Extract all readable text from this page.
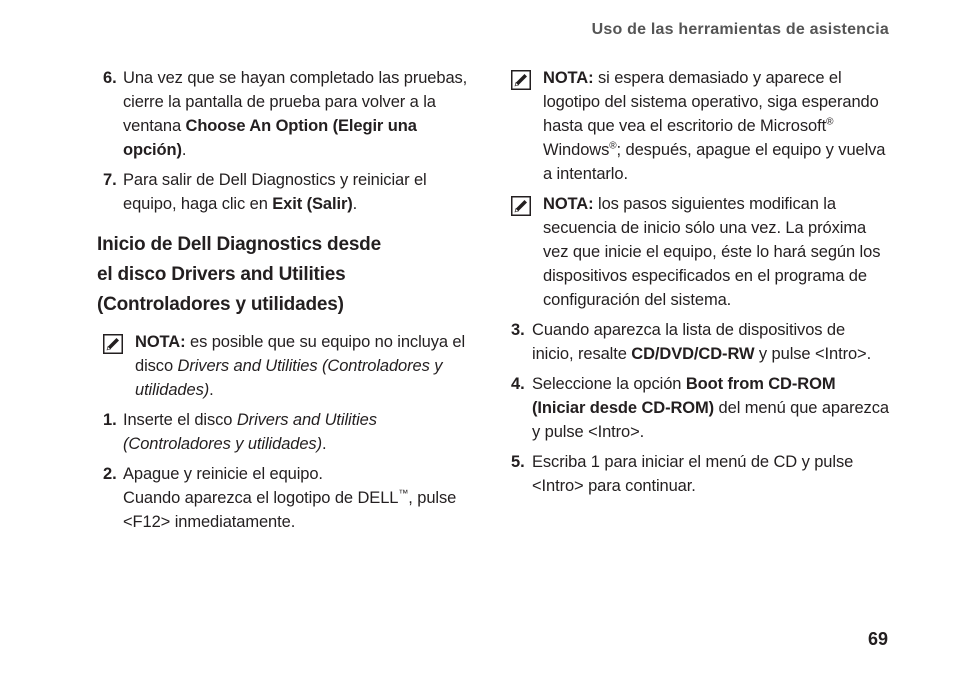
Uso de las herramientas de asistencia
6. Una vez que se hayan completado las pruebas, cierre la pantalla de prueba para volver a la ventana Choose An Option (Elegir una opción).
7. Para salir de Dell Diagnostics y reiniciar el equipo, haga clic en Exit (Salir).
Inicio de Dell Diagnostics desde
el disco Drivers and Utilities
(Controladores y utilidades)
NOTA: es posible que su equipo no incluya el disco Drivers and Utilities (Controladores y utilidades).
1. Inserte el disco Drivers and Utilities (Controladores y utilidades).
2. Apague y reinicie el equipo.
Cuando aparezca el logotipo de DELL™, pulse <F12> inmediatamente.
NOTA: si espera demasiado y aparece el logotipo del sistema operativo, siga esperando hasta que vea el escritorio de Microsoft® Windows®; después, apague el equipo y vuelva a intentarlo.
NOTA: los pasos siguientes modifican la secuencia de inicio sólo una vez. La próxima vez que inicie el equipo, éste lo hará según los dispositivos especificados en el programa de configuración del sistema.
3. Cuando aparezca la lista de dispositivos de inicio, resalte CD/DVD/CD-RW y pulse <Intro>.
4. Seleccione la opción Boot from CD-ROM (Iniciar desde CD-ROM) del menú que aparezca y pulse <Intro>.
5. Escriba 1 para iniciar el menú de CD y pulse <Intro> para continuar.
69
